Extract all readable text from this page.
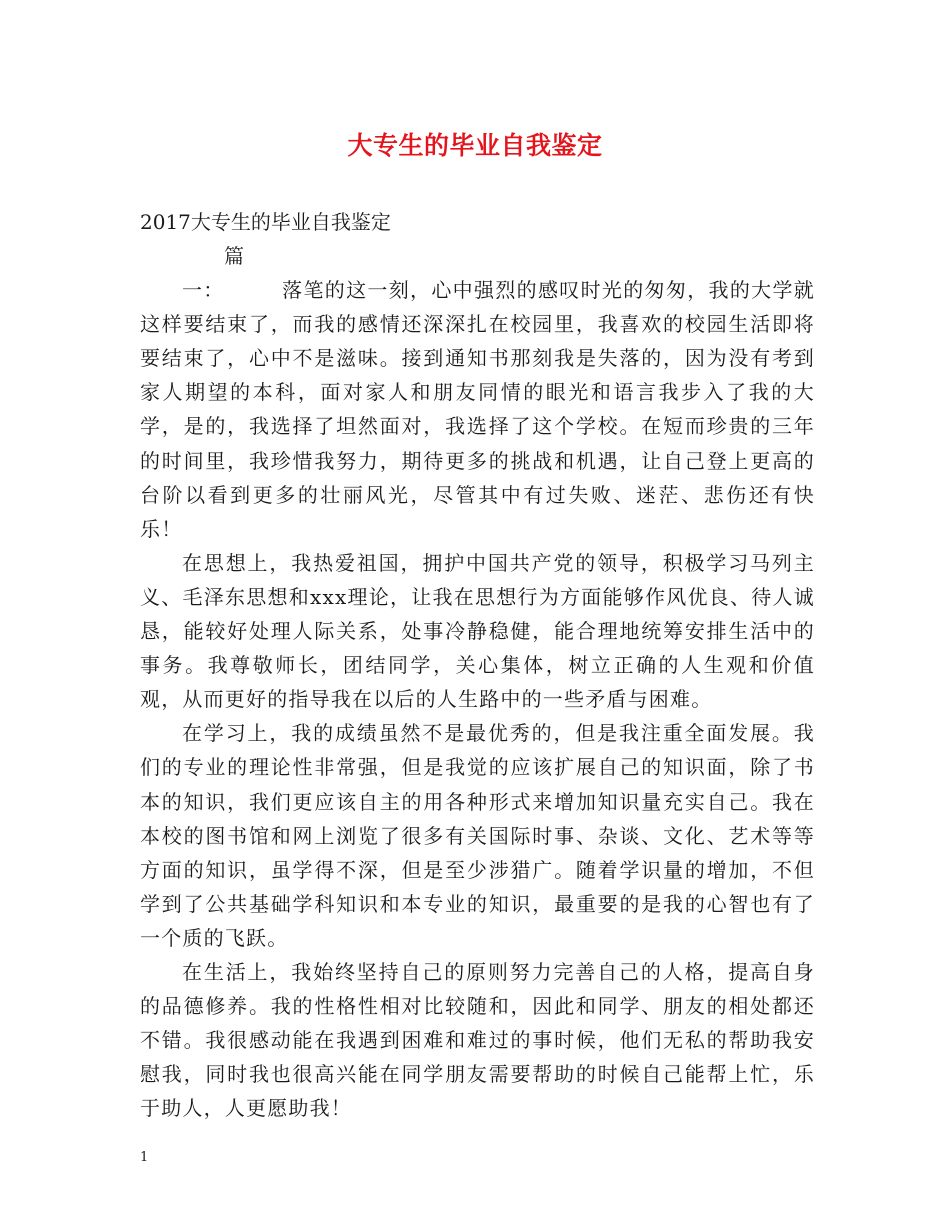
大专生的毕业自我鉴定

2017大专生的毕业自我鉴定

篇一：	落笔的这一刻，心中强烈的感叹时光的匆匆，我的大学就这样要结束了，而我的感情还深深扎在校园里，我喜欢的校园生活即将要结束了，心中不是滋味。接到通知书那刻我是失落的，因为没有考到家人期望的本科，面对家人和朋友同情的眼光和语言我步入了我的大学，是的，我选择了坦然面对，我选择了这个学校。在短而珍贵的三年的时间里，我珍惜我努力，期待更多的挑战和机遇，让自己登上更高的台阶以看到更多的壮丽风光，尽管其中有过失败、迷茫、悲伤还有快乐！

在思想上，我热爱祖国，拥护中国共产党的领导，积极学习马列主义、毛泽东思想和xxx理论，让我在思想行为方面能够作风优良、待人诚恳，能较好处理人际关系，处事冷静稳健，能合理地统筹安排生活中的事务。我尊敬师长，团结同学，关心集体，树立正确的人生观和价值观，从而更好的指导我在以后的人生路中的一些矛盾与困难。

在学习上，我的成绩虽然不是最优秀的，但是我注重全面发展。我们的专业的理论性非常强，但是我觉的应该扩展自己的知识面，除了书本的知识，我们更应该自主的用各种形式来增加知识量充实自己。我在本校的图书馆和网上浏览了很多有关国际时事、杂谈、文化、艺术等等方面的知识，虽学得不深，但是至少涉猎广。随着学识量的增加，不但学到了公共基础学科知识和本专业的知识，最重要的是我的心智也有了一个质的飞跃。

在生活上，我始终坚持自己的原则努力完善自己的人格，提高自身的品德修养。我的性格性相对比较随和，因此和同学、朋友的相处都还不错。我很感动能在我遇到困难和难过的事时候，他们无私的帮助我安慰我，同时我也很高兴能在同学朋友需要帮助的时候自己能帮上忙，乐于助人，人更愿助我！

1
